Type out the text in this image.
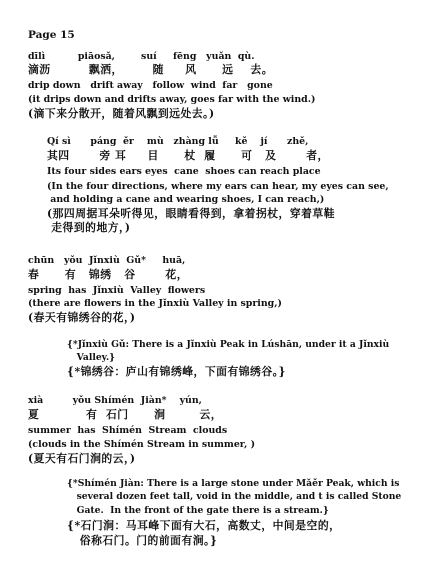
Page 15
dīlì          piāosǎ,        suí     fēng   yuǎn  qù.
滴沥         飘洒，       随     风      远    去。
drip down   drift away   follow  wind  far   gone
(it drips down and drifts away, goes far with the wind.)
(滴下来分散开，随着风飘到远处去。)
Qí sì      páng  ěr    mù   zhàng lǚ     kě    jí      zhě,
其四       旁 耳     目      杖  履      可   及       者，
Its four sides ears eyes  cane  shoes can reach place
(In the four directions, where my ears can hear, my eyes can see,
and holding a cane and wearing shoes, I can reach,)
(那四周据耳朵听得见，眼睛看得到，拿着拐杖，穿着草鞋
走得到的地方，)
chūn   yǒu  Jǐnxiù  Gǔ*     huā,
春      有   锦绣   谷       花，
spring  has  Jǐnxiù  Valley  flowers
(there are flowers in the Jǐnxiù Valley in spring,)
(春天有锦绣谷的花，)
{*Jǐnxiù Gǔ: There is a Jǐnxiù Peak in Lúshān, under it a Jǐnxiù
Valley.}
{*锦绣谷：庐山有锦绣峰，下面有锦绣谷。}
xià         yǒu Shímén  Jiàn*    yún,
夏           有  石门      涧        云，
summer  has  Shímén  Stream  clouds
(clouds in the Shímén Stream in summer, )
(夏天有石门涧的云，)
{*Shímén Jiàn: There is a large stone under Mǎěr Peak, which is
several dozen feet tall, void in the middle, and t is called Stone
Gate.  In the front of the gate there is a stream.}
{*石门涧：马耳峰下面有大石，高数丈，中间是空的，
俗称石门。门的前面有涧。}
